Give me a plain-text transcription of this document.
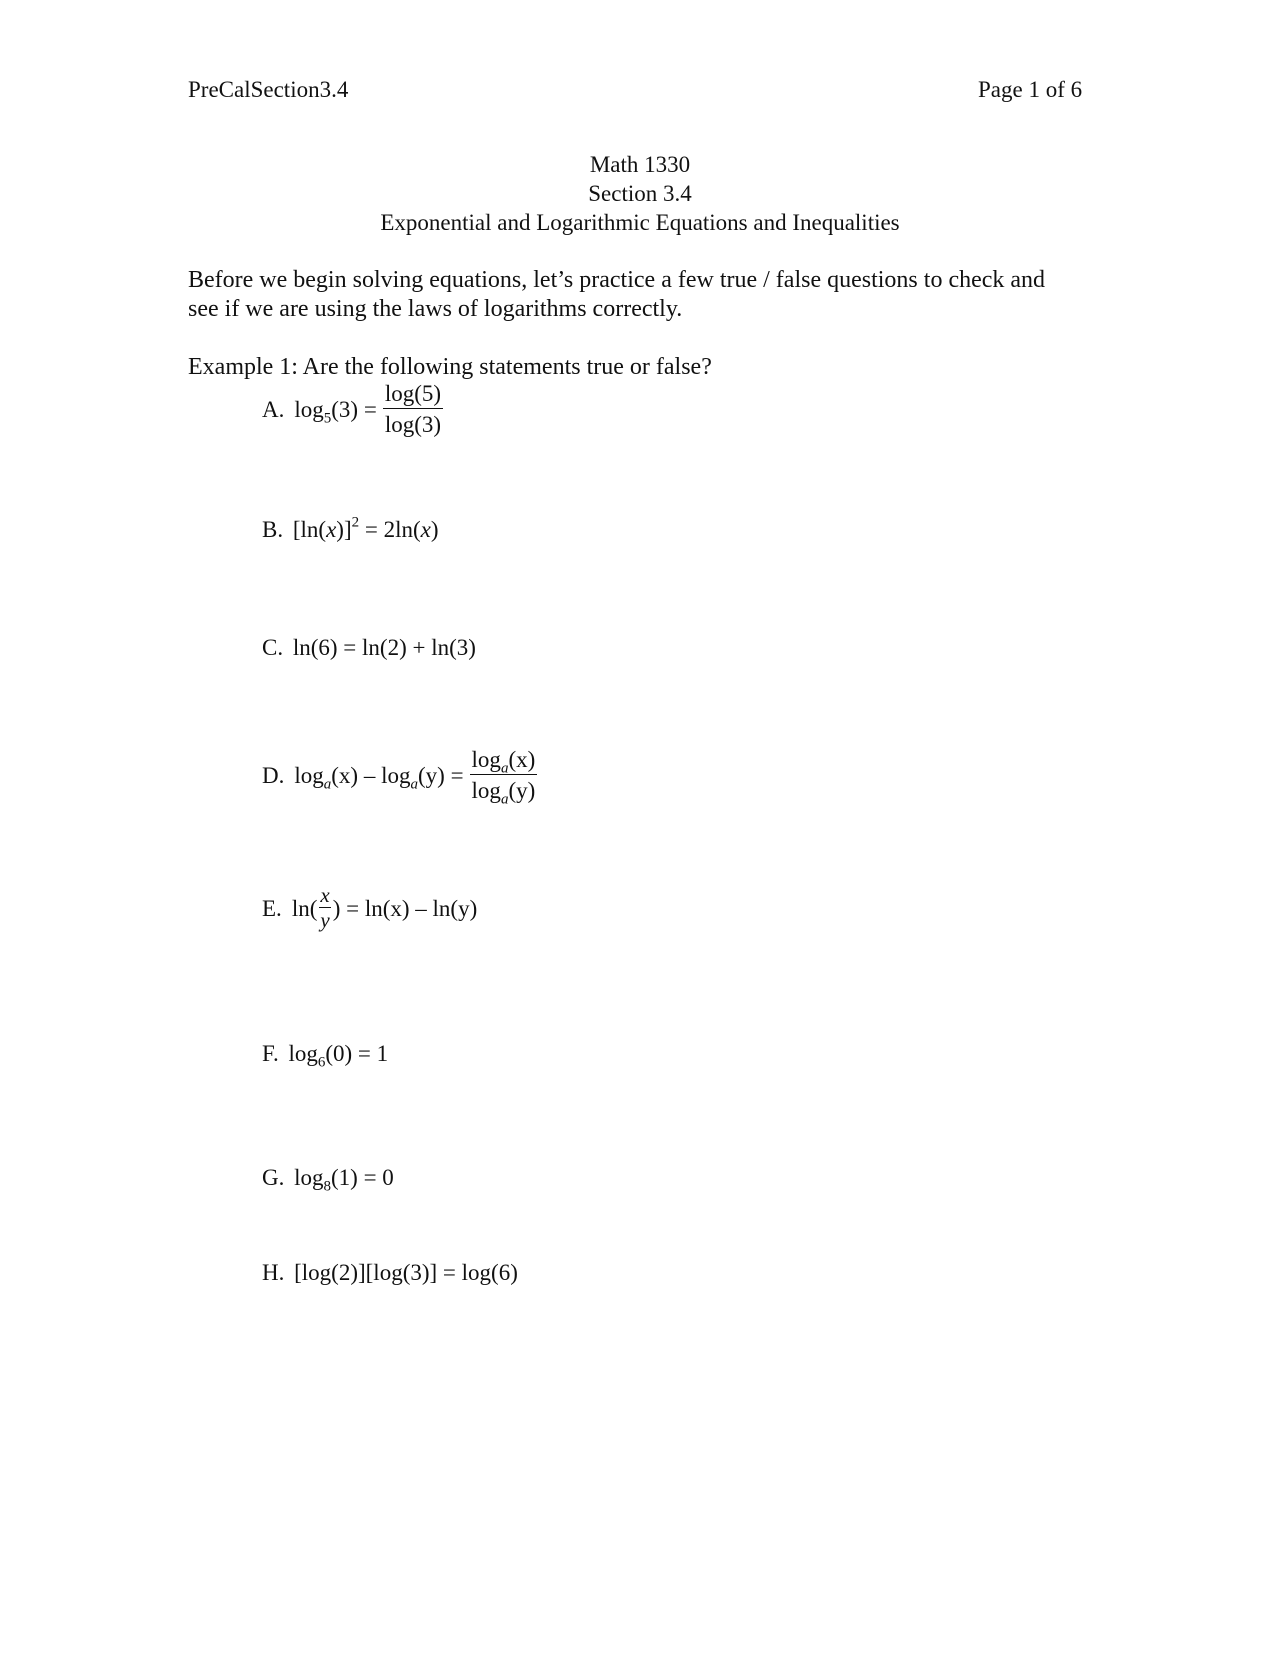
PreCalSection3.4	Page 1 of 6
Math 1330
Section 3.4
Exponential and Logarithmic Equations and Inequalities
Before we begin solving equations, let’s practice a few true / false questions to check and
see if we are using the laws of logarithms correctly.
Example 1: Are the following statements true or false?
A. $\log_5(3) = \frac{\log(5)}{\log(3)}$
B. $[\ln(x)]^2 = 2\ln(x)$
C. ln(6) = ln(2) + ln(3)
D. $\log_a(x) - \log_a(y) = \frac{\log_a(x)}{\log_a(y)}$
E. $\ln( \frac{x}{y}$ ) = ln(x) – ln(y)
F. $\log_6(0) = 1$
G. $\log_8(1) = 0$
H. [log(2)][log(3)] = log(6)
